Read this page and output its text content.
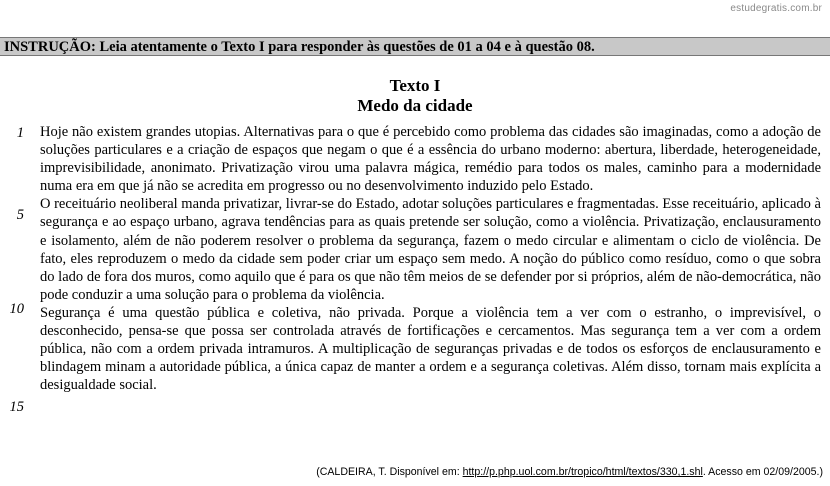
estudegratis.com.br
INSTRUÇÃO: Leia atentamente o Texto I para responder às questões de 01 a 04 e à questão 08.
Texto I
Medo da cidade
1
5
10
15

Hoje não existem grandes utopias. Alternativas para o que é percebido como problema das cidades são imaginadas, como a adoção de soluções particulares e a criação de espaços que negam o que é a essência do urbano moderno: abertura, liberdade, heterogeneidade, imprevisibilidade, anonimato. Privatização virou uma palavra mágica, remédio para todos os males, caminho para a modernidade numa era em que já não se acredita em progresso ou no desenvolvimento induzido pelo Estado.

O receituário neoliberal manda privatizar, livrar-se do Estado, adotar soluções particulares e fragmentadas. Esse receituário, aplicado à segurança e ao espaço urbano, agrava tendências para as quais pretende ser solução, como a violência. Privatização, enclausuramento e isolamento, além de não poderem resolver o problema da segurança, fazem o medo circular e alimentam o ciclo de violência. De fato, eles reproduzem o medo da cidade sem poder criar um espaço sem medo. A noção do público como resíduo, como o que sobra do lado de fora dos muros, como aquilo que é para os que não têm meios de se defender por si próprios, além de não-democrática, não pode conduzir a uma solução para o problema da violência.

Segurança é uma questão pública e coletiva, não privada. Porque a violência tem a ver com o estranho, o imprevisível, o desconhecido, pensa-se que possa ser controlada através de fortificações e cercamentos. Mas segurança tem a ver com a ordem pública, não com a ordem privada intramuros. A multiplicação de seguranças privadas e de todos os esforços de enclausuramento e blindagem minam a autoridade pública, a única capaz de manter a ordem e a segurança coletivas. Além disso, tornam mais explícita a desigualdade social.

(CALDEIRA, T. Disponível em: http://p.php.uol.com.br/tropico/html/textos/330,1.shl. Acesso em 02/09/2005.)
